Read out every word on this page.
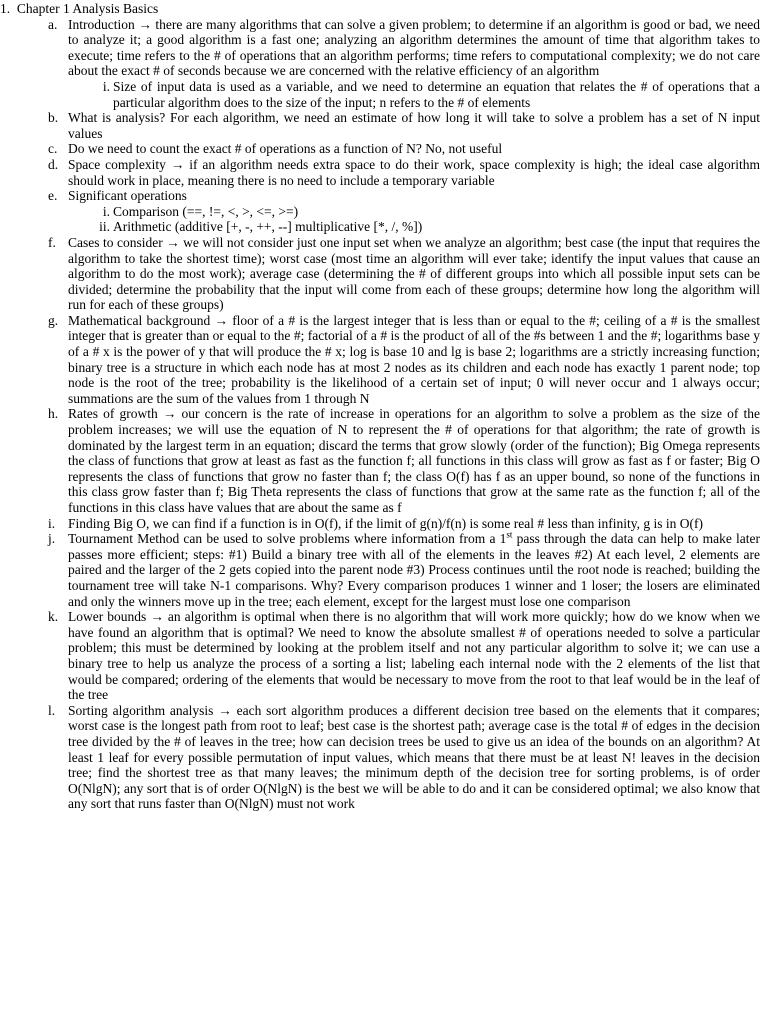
1. Chapter 1 Analysis Basics
a. Introduction → there are many algorithms that can solve a given problem; to determine if an algorithm is good or bad, we need to analyze it; a good algorithm is a fast one; analyzing an algorithm determines the amount of time that algorithm takes to execute; time refers to the # of operations that an algorithm performs; time refers to computational complexity; we do not care about the exact # of seconds because we are concerned with the relative efficiency of an algorithm
i. Size of input data is used as a variable, and we need to determine an equation that relates the # of operations that a particular algorithm does to the size of the input; n refers to the # of elements
b. What is analysis? For each algorithm, we need an estimate of how long it will take to solve a problem has a set of N input values
c. Do we need to count the exact # of operations as a function of N? No, not useful
d. Space complexity → if an algorithm needs extra space to do their work, space complexity is high; the ideal case algorithm should work in place, meaning there is no need to include a temporary variable
e. Significant operations
i. Comparison (==, !=, <, >, <=, >=)
ii. Arithmetic (additive [+, -, ++, --] multiplicative [*, /, %])
f. Cases to consider → we will not consider just one input set when we analyze an algorithm; best case (the input that requires the algorithm to take the shortest time); worst case (most time an algorithm will ever take; identify the input values that cause an algorithm to do the most work); average case (determining the # of different groups into which all possible input sets can be divided; determine the probability that the input will come from each of these groups; determine how long the algorithm will run for each of these groups)
g. Mathematical background → floor of a # is the largest integer that is less than or equal to the #; ceiling of a # is the smallest integer that is greater than or equal to the #; factorial of a # is the product of all of the #s between 1 and the #; logarithms base y of a # x is the power of y that will produce the # x; log is base 10 and lg is base 2; logarithms are a strictly increasing function; binary tree is a structure in which each node has at most 2 nodes as its children and each node has exactly 1 parent node; top node is the root of the tree; probability is the likelihood of a certain set of input; 0 will never occur and 1 always occur; summations are the sum of the values from 1 through N
h. Rates of growth → our concern is the rate of increase in operations for an algorithm to solve a problem as the size of the problem increases; we will use the equation of N to represent the # of operations for that algorithm; the rate of growth is dominated by the largest term in an equation; discard the terms that grow slowly (order of the function); Big Omega represents the class of functions that grow at least as fast as the function f; all functions in this class will grow as fast as f or faster; Big O represents the class of functions that grow no faster than f; the class O(f) has f as an upper bound, so none of the functions in this class grow faster than f; Big Theta represents the class of functions that grow at the same rate as the function f; all of the functions in this class have values that are about the same as f
i. Finding Big O, we can find if a function is in O(f), if the limit of g(n)/f(n) is some real # less than infinity, g is in O(f)
j. Tournament Method can be used to solve problems where information from a 1st pass through the data can help to make later passes more efficient; steps: #1) Build a binary tree with all of the elements in the leaves #2) At each level, 2 elements are paired and the larger of the 2 gets copied into the parent node #3) Process continues until the root node is reached; building the tournament tree will take N-1 comparisons. Why? Every comparison produces 1 winner and 1 loser; the losers are eliminated and only the winners move up in the tree; each element, except for the largest must lose one comparison
k. Lower bounds → an algorithm is optimal when there is no algorithm that will work more quickly; how do we know when we have found an algorithm that is optimal? We need to know the absolute smallest # of operations needed to solve a particular problem; this must be determined by looking at the problem itself and not any particular algorithm to solve it; we can use a binary tree to help us analyze the process of a sorting a list; labeling each internal node with the 2 elements of the list that would be compared; ordering of the elements that would be necessary to move from the root to that leaf would be in the leaf of the tree
l. Sorting algorithm analysis → each sort algorithm produces a different decision tree based on the elements that it compares; worst case is the longest path from root to leaf; best case is the shortest path; average case is the total # of edges in the decision tree divided by the # of leaves in the tree; how can decision trees be used to give us an idea of the bounds on an algorithm? At least 1 leaf for every possible permutation of input values, which means that there must be at least N! leaves in the decision tree; find the shortest tree as that many leaves; the minimum depth of the decision tree for sorting problems, is of order O(NlgN); any sort that is of order O(NlgN) is the best we will be able to do and it can be considered optimal; we also know that any sort that runs faster than O(NlgN) must not work
